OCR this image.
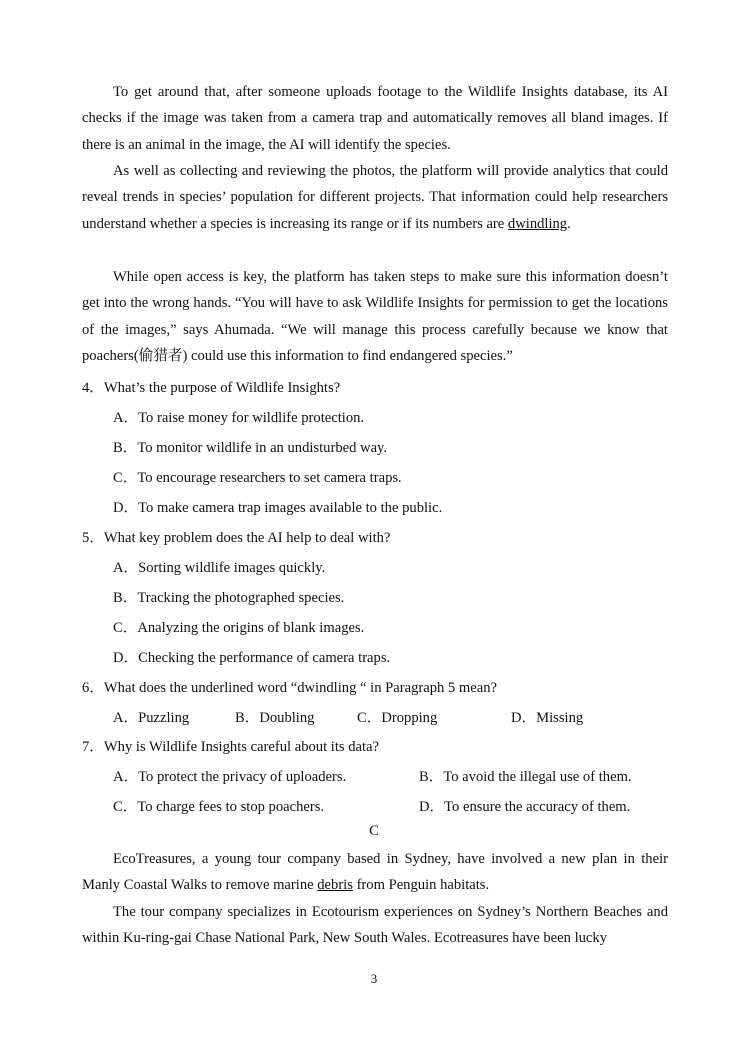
To get around that, after someone uploads footage to the Wildlife Insights database, its AI checks if the image was taken from a camera trap and automatically removes all bland images. If there is an animal in the image, the AI will identify the species.

As well as collecting and reviewing the photos, the platform will provide analytics that could reveal trends in species’ population for different projects. That information could help researchers understand whether a species is increasing its range or if its numbers are dwindling.

While open access is key, the platform has taken steps to make sure this information doesn’t get into the wrong hands. “You will have to ask Wildlife Insights for permission to get the locations of the images,” says Ahumada. “We will manage this process carefully because we know that poachers(偷猎者) could use this information to find endangered species.”

4．What’s the purpose of Wildlife Insights?
A．To raise money for wildlife protection.
B．To monitor wildlife in an undisturbed way.
C．To encourage researchers to set camera traps.
D．To make camera trap images available to the public.
5．What key problem does the AI help to deal with?
A．Sorting wildlife images quickly.
B．Tracking the photographed species.
C．Analyzing the origins of blank images.
D．Checking the performance of camera traps.
6．What does the underlined word “dwindling “ in Paragraph 5 mean?
A．Puzzling	B．Doubling	C．Dropping	D．Missing
7．Why is Wildlife Insights careful about its data?
A．To protect the privacy of uploaders.	B．To avoid the illegal use of them.
C．To charge fees to stop poachers.	D．To ensure the accuracy of them.
C

EcoTreasures, a young tour company based in Sydney, have involved a new plan in their Manly Coastal Walks to remove marine debris from Penguin habitats.

The tour company specializes in Ecotourism experiences on Sydney’s Northern Beaches and within Ku-ring-gai Chase National Park, New South Wales. Ecotreasures have been lucky

3
